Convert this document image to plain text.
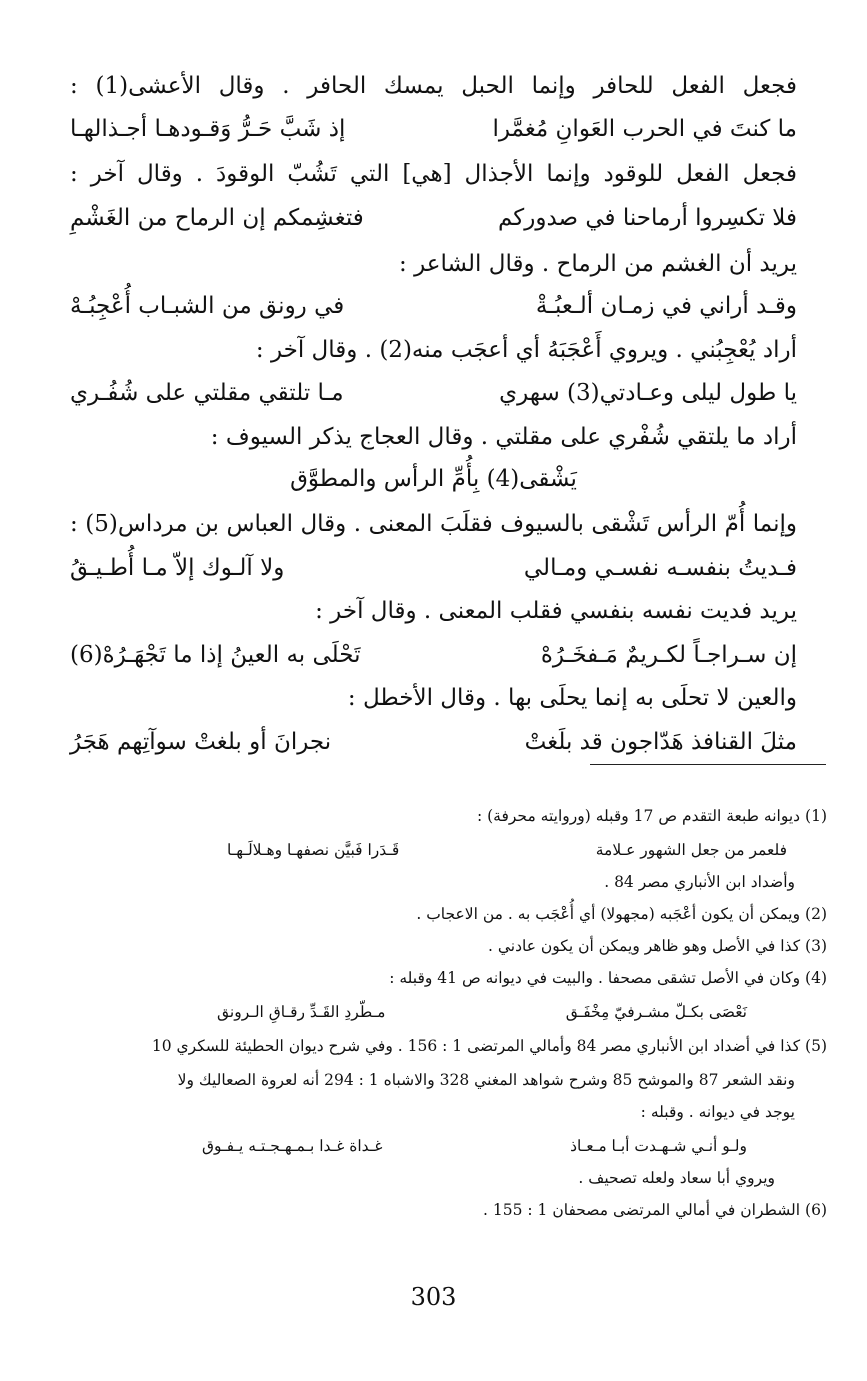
فجعل الفعل للحافر وإنما الحبل يمسك الحافر . وقال الأعشى(1) :
ما كنتَ في الحرب العَوانِ مُغمَّرا
إذ شَبَّ حَـرُّ وَقـودهـا أجـذالهـا
فجعل الفعل للوقود وإنما الأجذال [هي] التي تَشُبّ الوقودَ . وقال آخر :
فلا تكسِروا أرماحنا في صدوركم
فتغشِمكم إن الرماح من الغَشْمِ
يريد أن الغشم من الرماح . وقال الشاعر :
وقـد أراني في زمـان ألـعبُـةْ
في رونق من الشبـاب أُعْجِبُـهْ
أراد يُعْجِبُني . ويروي أَعْجَبَهُ أي أعجَب منه(2) . وقال آخر :
يا طول ليلى وعـادتي(3) سهري
مـا تلتقي مقلتي على شُفُـري
أراد ما يلتقي شُفْري على مقلتي . وقال العجاج يذكر السيوف :
يَشْقى(4) بِأُمِّ الرأس والمطوَّق
وإنما أُمّ الرأس تَشْقى بالسيوف فقلَبَ المعنى . وقال العباس بن مرداس(5) :
فـديتُ بنفسـه نفسـي ومـالي
ولا آلـوك إلاّ مـا أُطـيـقُ
يريد فديت نفسه بنفسي فقلب المعنى . وقال آخر :
إن سـراجـاً لكـريمٌ مَـفخَـرُهْ
تَحْلَى به العينُ إذا ما تَجْهَـرُهْ(6)
والعين لا تحلَى به إنما يحلَى بها . وقال الأخطل :
مثلَ القنافذ هَدّاجون قد بلَغتْ
نجرانَ أو بلغتْ سوآتِهم هَجَرُ
(1) ديوانه طبعة التقدم ص 17 وقبله (وروايته محرفة) :
فلعمر من جعل الشهور عـلامة
قَـدَرا فَبيَّن نصفهـا وهـلالَـهـا
وأضداد ابن الأنباري مصر 84 .
(2) ويمكن أن يكون أعْجَبه (مجهولا) أي أُعْجَب به . من الاعجاب .
(3) كذا في الأصل وهو ظاهر ويمكن أن يكون عادني .
(4) وكان في الأصل تشقى مصحفا . والبيت في ديوانه ص 41 وقبله :
نَعْصَى بكـلّ مشـرفيّ مِخْفَـق
مـطّردِ القَـدِّ رقـاقِ الـرونق
(5) كذا في أضداد ابن الأنباري مصر 84 وأمالي المرتضى 1 : 156 . وفي شرح ديوان الحطيئة للسكري 10
ونقد الشعر 87 والموشح 85 وشرح شواهد المغني 328 والاشباه 1 : 294 أنه لعروة الصعاليك ولا
يوجد في ديوانه . وقبله :
ولـو أنـي شـهـدت أبـا مـعـاذ
غـداة غـدا بـمـهـجـتـه يـفـوق
ويروي أبا سعاد ولعله تصحيف .
(6) الشطران في أمالي المرتضى مصحفان 1 : 155 .
303
